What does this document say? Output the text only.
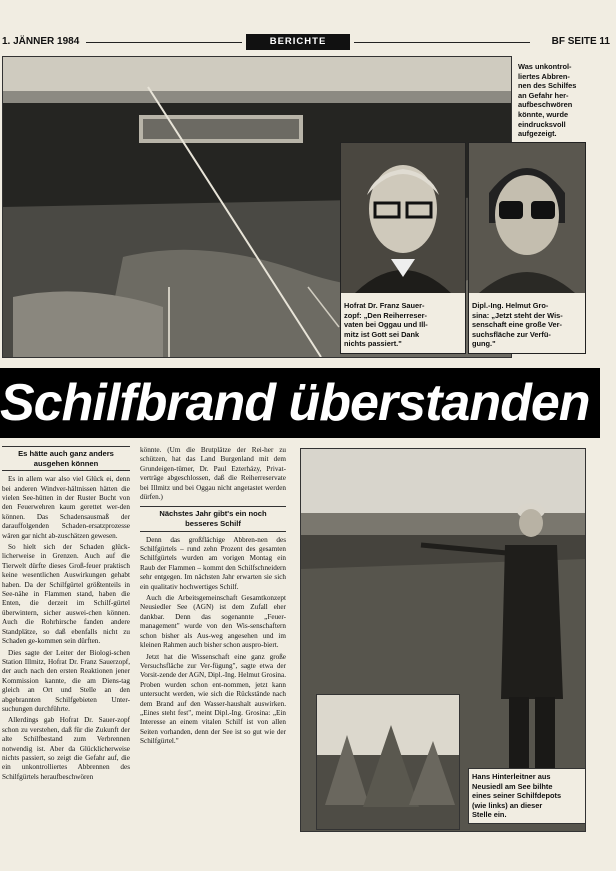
1. JÄNNER 1984	BERICHTE	BF SEITE 11
Hofrat Dr. Franz Sauer-
zopf: „Den Reiherreser-
vaten bei Oggau und Ill-
mitz ist Gott sei Dank
nichts passiert."
Dipl.-Ing. Helmut Gro-
sina: „Jetzt steht der Wis-
senschaft eine große Ver-
suchsfläche zur Verfü-
gung."
Was unkontrol-
liertes Abbren-
nen des Schilfes
an Gefahr her-
aufbeschwören
könnte, wurde
eindrucksvoll
aufgezeigt.
Schilfbrand überstanden
Es hätte auch ganz anders
ausgehen können

Es in allem war also viel Glück ei, denn bei anderen Windver-hältnissen hätten die vielen See-hütten in der Ruster Bucht von den Feuerwehren kaum gerettet wer-den können. Das Schadensausmaß der darauffolgenden Schaden-ersatzprozesse wären gar nicht ab-zuschätzen gewesen.

So hielt sich der Schaden glück-licherweise in Grenzen. Auch auf die Tierwelt dürfte dieses Groß-feuer praktisch keine wesentlichen Auswirkungen gehabt haben. Da der Schilfgürtel größtenteils in See-nähe in Flammen stand, haben die Enten, die derzeit im Schilf-gürtel überwintern, sicher auswei-chen können. Auch die Rohrhirsche fanden andere Standplätze, so daß ebenfalls nicht zu Schaden ge-kommen sein dürften.

Dies sagte der Leiter der Biologi-schen Station Illmitz, Hofrat Dr. Franz Sauerzopf, der auch nach den ersten Reaktionen jener Kommission kannte, die am Diens-tag gleich an Ort und Stelle an den abgebrannten Schilfgebieten Unter-suchungen durchführte.

Allerdings gab Hofrat Dr. Sauer-zopf schon zu verstehen, daß für die Zukunft der alte Schilfbestand zum Verbrennen notwendig ist. Aber da Glücklicherweise nichts passiert, so zeigt die Gefahr auf, die ein unkontrolliertes Abbrennen des Schilfgürtels heraufbeschwören

könnte. (Um die Brutplätze der Rei-her zu schützen, hat das Land Burgenland mit dem Grundeigen-tümer, Dr. Paul Ezterházy, Privat-verträge abgeschlossen, daß die Reiherreservate bei Illmitz und bei Oggau nicht angetastet werden dürfen.)

Nächstes Jahr gibt's ein noch
besseres Schilf

Denn das großflächige Abbren-nen des Schilfgürtels – rund zehn Prozent des gesamten Schilfgürtels wurden am vorigen Montag ein Raub der Flammen – kommt den Schilfschneidern sehr entgegen. Im nächsten Jahr erwarten sie sich ein qualitativ hochwertiges Schilf.

Auch die Arbeitsgemeinschaft Gesamtkonzept Neusiedler See (AGN) ist dem Zufall eher dankbar. Denn das sogenannte „Feuer-management" wurde von den Wis-senschaftern schon bisher als Aus-weg angesehen und im kleinen Rahmen auch bisher schon auspro-biert.

Jetzt hat die Wissenschaft eine ganz große Versuchsfläche zur Ver-fügung", sagte etwa der Vorsit-zende der AGN, Dipl.-Ing. Helmut Grosina. Proben wurden schon ent-nommen, jetzt kann untersucht werden, wie sich die Rückstände nach dem Brand auf den Wasser-haushalt auswirken. „Eines steht fest", meint Dipl.-Ing. Grosina: „Ein Interesse an einem vitalen Schilf ist von allen Seiten vorhanden, denn der See ist so gut wie der Schilfgürtel."

Hans Hinterleitner aus
Neusiedl am See bilhte
eines seiner Schilfdepots
(wie links) an dieser
Stelle ein.
